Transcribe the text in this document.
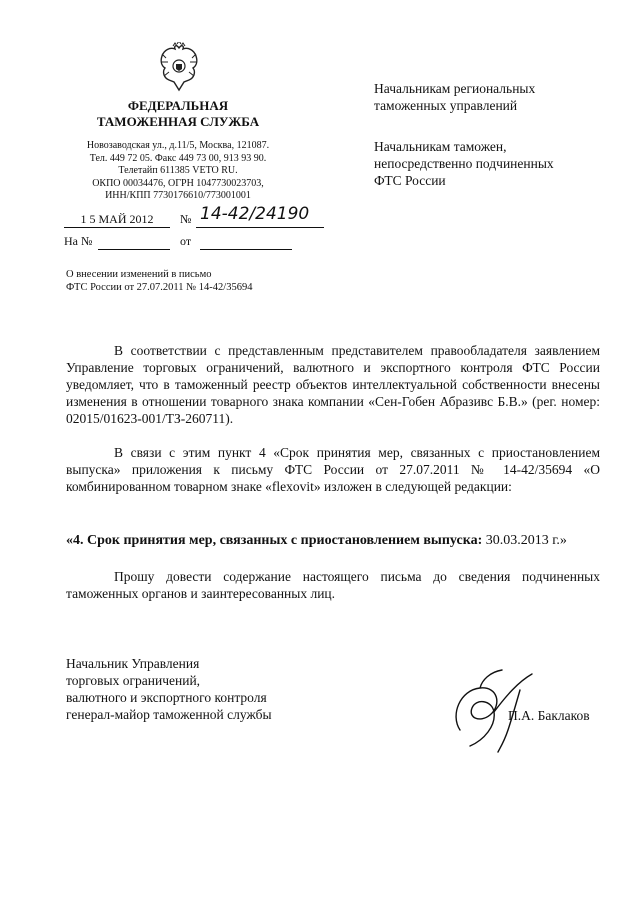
ФЕДЕРАЛЬНАЯ
ТАМОЖЕННАЯ СЛУЖБА
Новозаводская ул., д.11/5, Москва, 121087.
Тел. 449 72 05. Факс 449 73 00, 913 93 90.
Телетайп 611385 VETO RU.
ОКПО 00034476, ОГРН 1047730023703,
ИНН/КПП 7730176610/773001001
1 5 МАЙ 2012	№ 14-42/24190
На №	от
Начальникам региональных
таможенных управлений
Начальникам таможен,
непосредственно подчиненных
ФТС России
О внесении изменений в письмо
ФТС России от 27.07.2011 № 14-42/35694
В соответствии с представленным представителем правообладателя заявлением Управление торговых ограничений, валютного и экспортного контроля ФТС России уведомляет, что в таможенный реестр объектов интеллектуальной собственности внесены изменения в отношении товарного знака компании «Сен-Гобен Абразивс Б.В.» (рег. номер: 02015/01623-001/ТЗ-260711).
В связи с этим пункт 4 «Срок принятия мер, связанных с приостановлением выпуска» приложения к письму ФТС России от 27.07.2011 № 14-42/35694 «О комбинированном товарном знаке «flexovit» изложен в следующей редакции:
«4. Срок принятия мер, связанных с приостановлением выпуска: 30.03.2013 г.»
Прошу довести содержание настоящего письма до сведения подчиненных таможенных органов и заинтересованных лиц.
Начальник Управления
торговых ограничений,
валютного и экспортного контроля
генерал-майор таможенной службы	П.А. Баклаков
